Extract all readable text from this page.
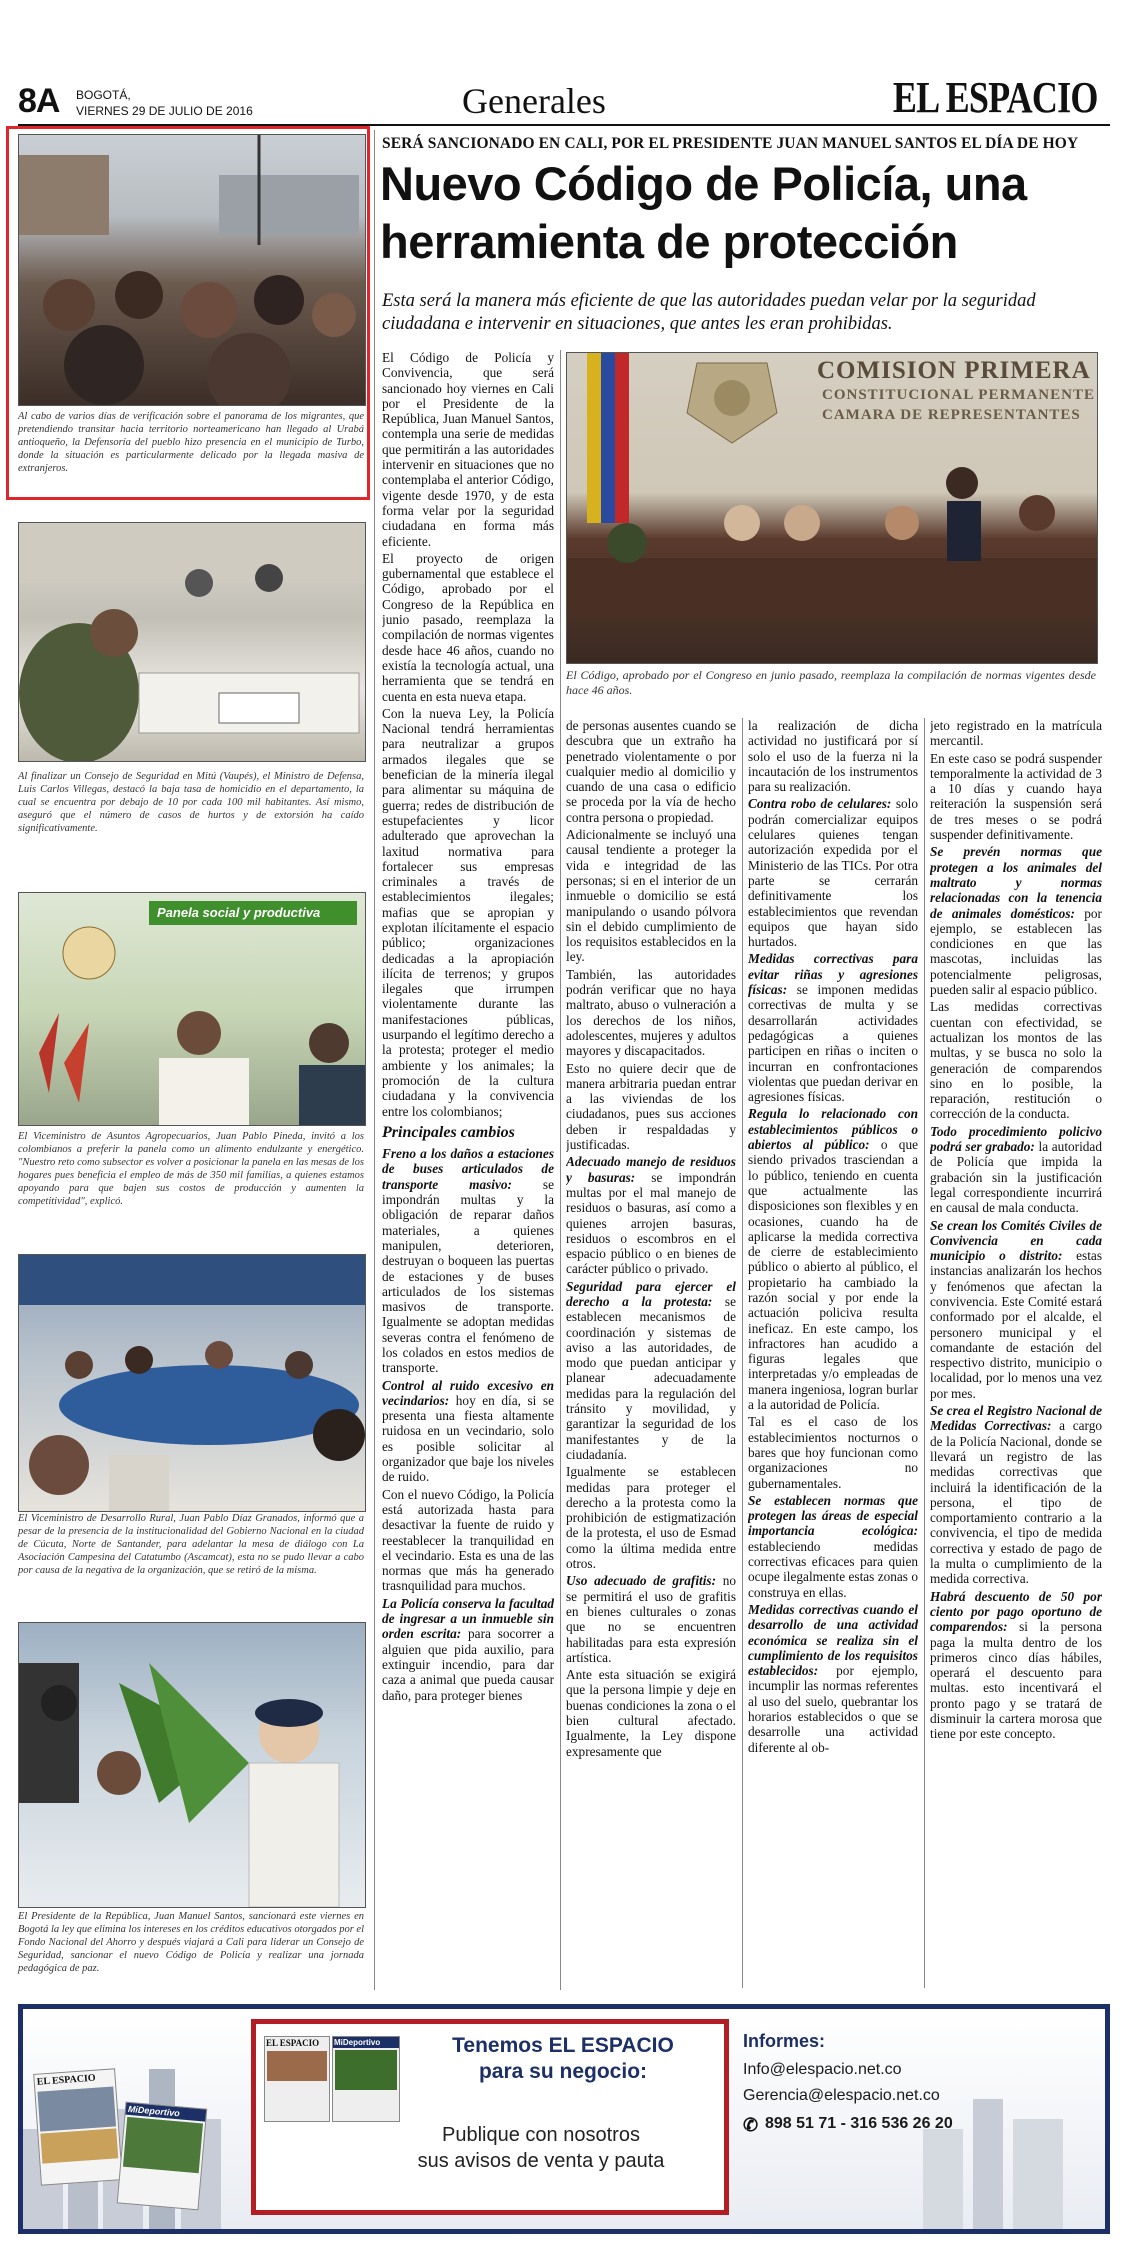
8A BOGOTÁ,
VIERNES 29 DE JULIO DE 2016	Generales	EL ESPACIO
Al cabo de varios días de verificación sobre el panorama de los migrantes, que pretendiendo transitar hacia territorio norteamericano han llegado al Urabá antioqueño, la Defensoría del pueblo hizo presencia en el municipio de Turbo, donde la situación es particularmente delicado por la llegada masiva de extranjeros.
Al finalizar un Consejo de Seguridad en Mitú (Vaupés), el Ministro de Defensa, Luis Carlos Villegas, destacó la baja tasa de homicidio en el departamento, la cual se encuentra por debajo de 10 por cada 100 mil habitantes. Así mismo, aseguró que el número de casos de hurtos y de extorsión ha caído significativamente.
Panela social y productiva
El Viceministro de Asuntos Agropecuarios, Juan Pablo Pineda, invitó a los colombianos a preferir la panela como un alimento endulzante y energético. "Nuestro reto como subsector es volver a posicionar la panela en las mesas de los hogares pues beneficia el empleo de más de 350 mil familias, a quienes estamos apoyando para que bajen sus costos de producción y aumenten la competitividad", explicó.
El Viceministro de Desarrollo Rural, Juan Pablo Díaz Granados, informó que a pesar de la presencia de la institucionalidad del Gobierno Nacional en la ciudad de Cúcuta, Norte de Santander, para adelantar la mesa de diálogo con La Asociación Campesina del Catatumbo (Ascamcat), esta no se pudo llevar a cabo por causa de la negativa de la organización, que se retiró de la misma.
El Presidente de la República, Juan Manuel Santos, sancionará este viernes en Bogotá la ley que elimina los intereses en los créditos educativos otorgados por el Fondo Nacional del Ahorro y después viajará a Cali para liderar un Consejo de Seguridad, sancionar el nuevo Código de Policía y realizar una jornada pedagógica de paz.
SERÁ SANCIONADO EN CALI, POR EL PRESIDENTE JUAN MANUEL SANTOS EL DÍA DE HOY
Nuevo Código de Policía, una
herramienta de protección
Esta será la manera más eficiente de que las autoridades puedan velar por la seguridad ciudadana e intervenir en situaciones, que antes les eran prohibidas.
COMISION PRIMERA
CONSTITUCIONAL PERMANENTE
CAMARA DE REPRESENTANTES
El Código, aprobado por el Congreso en junio pasado, reemplaza la compilación de normas vigentes desde hace 46 años.

El Código de Policía y Convivencia, que será sancionado hoy viernes en Cali por el Presidente de la República, Juan Manuel Santos, contempla una serie de medidas que permitirán a las autoridades intervenir en situaciones que no contemplaba el anterior Código, vigente desde 1970, y de esta forma velar por la seguridad ciudadana en forma más eficiente.

El proyecto de origen gubernamental que establece el Código, aprobado por el Congreso de la República en junio pasado, reemplaza la compilación de normas vigentes desde hace 46 años, cuando no existía la tecnología actual, una herramienta que se tendrá en cuenta en esta nueva etapa.

Con la nueva Ley, la Policía Nacional tendrá herramientas para neutralizar a grupos armados ilegales que se benefician de la minería ilegal para alimentar su máquina de guerra; redes de distribución de estupefacientes y licor adulterado que aprovechan la laxitud normativa para fortalecer sus empresas criminales a través de establecimientos ilegales; mafias que se apropian y explotan ilícitamente el espacio público; organizaciones dedicadas a la apropiación ilícita de terrenos; y grupos ilegales que irrumpen violentamente durante las manifestaciones públicas, usurpando el legítimo derecho a la protesta; proteger el medio ambiente y los animales; la promoción de la cultura ciudadana y la convivencia entre los colombianos;

Principales cambios

Freno a los daños a estaciones de buses articulados de transporte masivo: se impondrán multas y la obligación de reparar daños materiales, a quienes manipulen, deterioren, destruyan o boqueen las puertas de estaciones y de buses articulados de los sistemas masivos de transporte. Igualmente se adoptan medidas severas contra el fenómeno de los colados en estos medios de transporte.

Control al ruido excesivo en vecindarios: hoy en día, si se presenta una fiesta altamente ruidosa en un vecindario, solo es posible solicitar al organizador que baje los niveles de ruido.

Con el nuevo Código, la Policía está autorizada hasta para desactivar la fuente de ruido y reestablecer la tranquilidad en el vecindario. Esta es una de las normas que más ha generado trasnquilidad para muchos.

La Policía conserva la facultad de ingresar a un inmueble sin orden escrita: para socorrer a alguien que pida auxilio, para extinguir incendio, para dar caza a animal que pueda causar daño, para proteger bienes

de personas ausentes cuando se descubra que un extraño ha penetrado violentamente o por cualquier medio al domicilio y cuando de una casa o edificio se proceda por la vía de hecho contra persona o propiedad.

Adicionalmente se incluyó una causal tendiente a proteger la vida e integridad de las personas; si en el interior de un inmueble o domicilio se está manipulando o usando pólvora sin el debido cumplimiento de los requisitos establecidos en la ley.

También, las autoridades podrán verificar que no haya maltrato, abuso o vulneración a los derechos de los niños, adolescentes, mujeres y adultos mayores y discapacitados.

Esto no quiere decir que de manera arbitraria puedan entrar a las viviendas de los ciudadanos, pues sus acciones deben ir respaldadas y justificadas.

Adecuado manejo de residuos y basuras: se impondrán multas por el mal manejo de residuos o basuras, así como a quienes arrojen basuras, residuos o escombros en el espacio público o en bienes de carácter público o privado.

Seguridad para ejercer el derecho a la protesta: se establecen mecanismos de coordinación y sistemas de aviso a las autoridades, de modo que puedan anticipar y planear adecuadamente medidas para la regulación del tránsito y movilidad, y garantizar la seguridad de los manifestantes y de la ciudadanía.

Igualmente se establecen medidas para proteger el derecho a la protesta como la prohibición de estigmatización de la protesta, el uso de Esmad como la última medida entre otros.

Uso adecuado de grafitis: no se permitirá el uso de grafitis en bienes culturales o zonas que no se encuentren habilitadas para esta expresión artística.

Ante esta situación se exigirá que la persona limpie y deje en buenas condiciones la zona o el bien cultural afectado. Igualmente, la Ley dispone expresamente que

la realización de dicha actividad no justificará por sí solo el uso de la fuerza ni la incautación de los instrumentos para su realización.

Contra robo de celulares: solo podrán comercializar equipos celulares quienes tengan autorización expedida por el Ministerio de las TICs. Por otra parte se cerrarán definitivamente los establecimientos que revendan equipos que hayan sido hurtados.

Medidas correctivas para evitar riñas y agresiones físicas: se imponen medidas correctivas de multa y se desarrollarán actividades pedagógicas a quienes participen en riñas o inciten o incurran en confrontaciones violentas que puedan derivar en agresiones físicas.

Regula lo relacionado con establecimientos públicos o abiertos al público: o que siendo privados trasciendan a lo público, teniendo en cuenta que actualmente las disposiciones son flexibles y en ocasiones, cuando ha de aplicarse la medida correctiva de cierre de establecimiento público o abierto al público, el propietario ha cambiado la razón social y por ende la actuación policiva resulta ineficaz. En este campo, los infractores han acudido a figuras legales que interpretadas y/o empleadas de manera ingeniosa, logran burlar a la autoridad de Policía.

Tal es el caso de los establecimientos nocturnos o bares que hoy funcionan como organizaciones no gubernamentales.

Se establecen normas que protegen las áreas de especial importancia ecológica: estableciendo medidas correctivas eficaces para quien ocupe ilegalmente estas zonas o construya en ellas.

Medidas correctivas cuando el desarrollo de una actividad económica se realiza sin el cumplimiento de los requisitos establecidos: por ejemplo, incumplir las normas referentes al uso del suelo, quebrantar los horarios establecidos o que se desarrolle una actividad diferente al ob-

jeto registrado en la matrícula mercantil.

En este caso se podrá suspender temporalmente la actividad de 3 a 10 días y cuando haya reiteración la suspensión será de tres meses o se podrá suspender definitivamente.

Se prevén normas que protegen a los animales del maltrato y normas relacionadas con la tenencia de animales domésticos: por ejemplo, se establecen las condiciones en que las mascotas, incluidas las potencialmente peligrosas, pueden salir al espacio público.

Las medidas correctivas cuentan con efectividad, se actualizan los montos de las multas, y se busca no solo la generación de comparendos sino en lo posible, la reparación, restitución o corrección de la conducta.

Todo procedimiento policivo podrá ser grabado: la autoridad de Policía que impida la grabación sin la justificación legal correspondiente incurrirá en causal de mala conducta.

Se crean los Comités Civiles de Convivencia en cada municipio o distrito: estas instancias analizarán los hechos y fenómenos que afectan la convivencia. Este Comité estará conformado por el alcalde, el personero municipal y el comandante de estación del respectivo distrito, municipio o localidad, por lo menos una vez por mes.

Se crea el Registro Nacional de Medidas Correctivas: a cargo de la Policía Nacional, donde se llevará un registro de las medidas correctivas que incluirá la identificación de la persona, el tipo de comportamiento contrario a la convivencia, el tipo de medida correctiva y estado de pago de la multa o cumplimiento de la medida correctiva.

Habrá descuento de 50 por ciento por pago oportuno de comparendos: si la persona paga la multa dentro de los primeros cinco días hábiles, operará el descuento para multas. esto incentivará el pronto pago y se tratará de disminuir la cartera morosa que tiene por este concepto.

EL ESPACIO
MiDeportivo
EL ESPACIO	MiDeportivo	Tenemos EL ESPACIO
para su negocio:
Publique con nosotros
sus avisos de venta y pauta
Informes:
Info@elespacio.net.co
Gerencia@elespacio.net.co
✆ 898 51 71 - 316 536 26 20
